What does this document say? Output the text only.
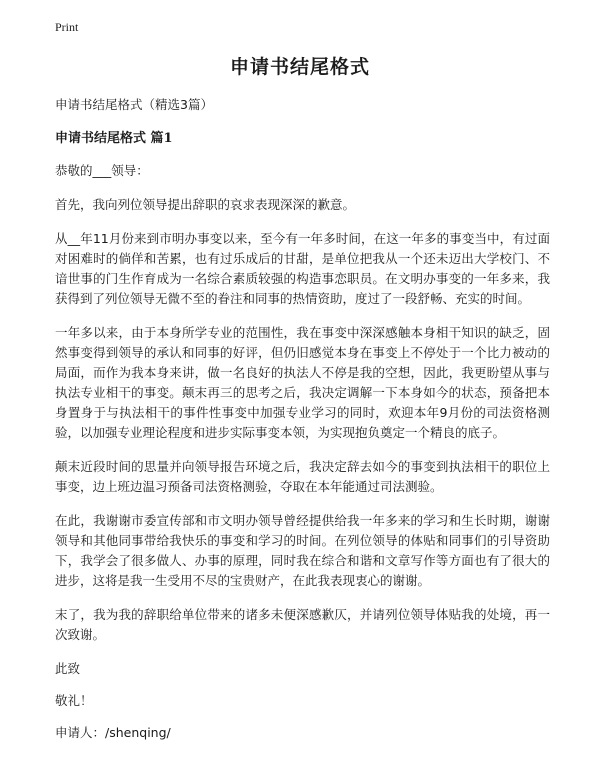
Print
申请书结尾格式

申请书结尾格式（精选3篇）

申请书结尾格式 篇1

恭敬的___领导：

首先，我向列位领导提出辞职的哀求表现深深的歉意。

从__年11月份来到市明办事变以来，至今有一年多时间，在这一年多的事变当中，有过面对困难时的倘佯和苦累，也有过乐成后的甘甜，是单位把我从一个还未迈出大学校门、不谙世事的门生作育成为一名综合素质较强的构造事恋职员。在文明办事变的一年多来，我获得到了列位领导无微不至的眷注和同事的热情资助，度过了一段舒畅、充实的时间。

一年多以来，由于本身所学专业的范围性，我在事变中深深感触本身相干知识的缺乏，固然事变得到领导的承认和同事的好评，但仍旧感觉本身在事变上不停处于一个比力被动的局面，而作为我本身来讲，做一名良好的执法人不停是我的空想，因此，我更盼望从事与执法专业相干的事变。颠末再三的思考之后，我决定调解一下本身如今的状态，预备把本身置身于与执法相干的事件性事变中加强专业学习的同时，欢迎本年9月份的司法资格测验，以加强专业理论程度和进步实际事变本领，为实现抱负奠定一个精良的底子。

颠末近段时间的思量并向领导报告环境之后，我决定辞去如今的事变到执法相干的职位上事变，边上班边温习预备司法资格测验，夺取在本年能通过司法测验。

在此，我谢谢市委宣传部和市文明办领导曾经提供给我一年多来的学习和生长时期，谢谢领导和其他同事带给我快乐的事变和学习的时间。在列位领导的体贴和同事们的引导资助下，我学会了很多做人、办事的原理，同时我在综合和谐和文章写作等方面也有了很大的进步，这将是我一生受用不尽的宝贵财产，在此我表现衷心的谢谢。

末了，我为我的辞职给单位带来的诸多未便深感歉仄，并请列位领导体贴我的处境，再一次致谢。

此致

敬礼！

申请人：/shenqing/
